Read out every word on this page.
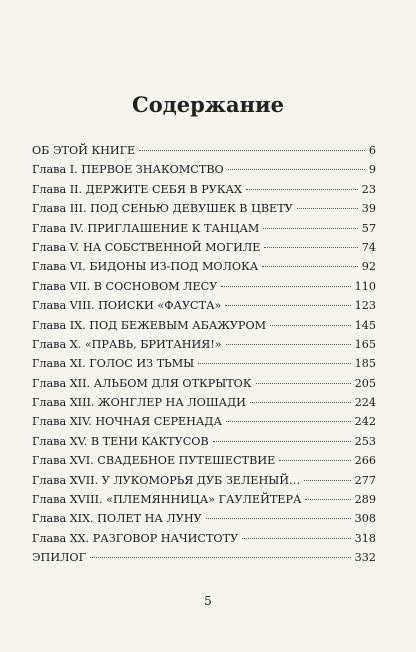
Содержание
ОБ ЭТОЙ КНИГЕ	6
Глава I. ПЕРВОЕ ЗНАКОМСТВО	9
Глава II. ДЕРЖИТЕ СЕБЯ В РУКАХ	23
Глава III. ПОД СЕНЬЮ ДЕВУШЕК В ЦВЕТУ	39
Глава IV. ПРИГЛАШЕНИЕ К ТАНЦАМ	57
Глава V. НА СОБСТВЕННОЙ МОГИЛЕ	74
Глава VI. БИДОНЫ ИЗ-ПОД МОЛОКА	92
Глава VII. В СОСНОВОМ ЛЕСУ	110
Глава VIII. ПОИСКИ «ФАУСТА»	123
Глава IX. ПОД БЕЖЕВЫМ АБАЖУРОМ	145
Глава X. «ПРАВЬ, БРИТАНИЯ!»	165
Глава XI. ГОЛОС ИЗ ТЬМЫ	185
Глава XII. АЛЬБОМ ДЛЯ ОТКРЫТОК	205
Глава XIII. ЖОНГЛЕР НА ЛОШАДИ	224
Глава XIV. НОЧНАЯ СЕРЕНАДА	242
Глава XV. В ТЕНИ КАКТУСОВ	253
Глава XVI. СВАДЕБНОЕ ПУТЕШЕСТВИЕ	266
Глава XVII. У ЛУКОМОРЬЯ ДУБ ЗЕЛЕНЫЙ…	277
Глава XVIII. «ПЛЕМЯННИЦА» ГАУЛЕЙТЕРА	289
Глава XIX. ПОЛЕТ НА ЛУНУ	308
Глава XX. РАЗГОВОР НАЧИСТОТУ	318
ЭПИЛОГ	332
5
